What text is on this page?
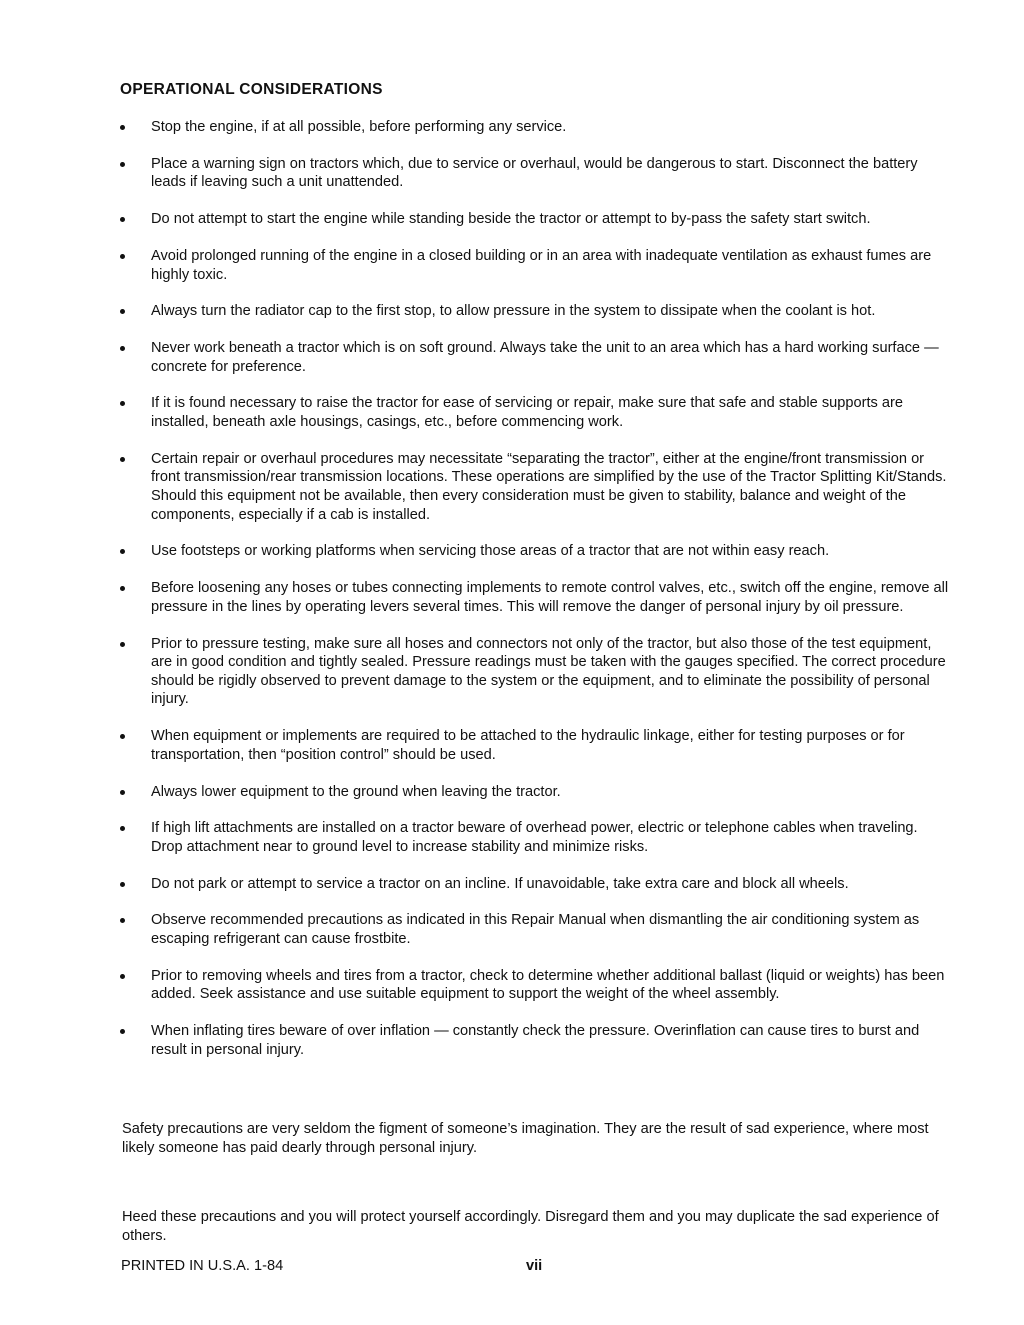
OPERATIONAL CONSIDERATIONS
Stop the engine, if at all possible, before performing any service.
Place a warning sign on tractors which, due to service or overhaul, would be dangerous to start. Disconnect the battery leads if leaving such a unit unattended.
Do not attempt to start the engine while standing beside the tractor or attempt to by-pass the safety start switch.
Avoid prolonged running of the engine in a closed building or in an area with inadequate ventilation as exhaust fumes are highly toxic.
Always turn the radiator cap to the first stop, to allow pressure in the system to dissipate when the coolant is hot.
Never work beneath a tractor which is on soft ground. Always take the unit to an area which has a hard working surface — concrete for preference.
If it is found necessary to raise the tractor for ease of servicing or repair, make sure that safe and stable supports are installed, beneath axle housings, casings, etc., before commencing work.
Certain repair or overhaul procedures may necessitate “separating the tractor”, either at the engine/front transmission or front transmission/rear transmission locations. These operations are simplified by the use of the Tractor Splitting Kit/Stands. Should this equipment not be available, then every consideration must be given to stability, balance and weight of the components, especially if a cab is installed.
Use footsteps or working platforms when servicing those areas of a tractor that are not within easy reach.
Before loosening any hoses or tubes connecting implements to remote control valves, etc., switch off the engine, remove all pressure in the lines by operating levers several times. This will remove the danger of personal injury by oil pressure.
Prior to pressure testing, make sure all hoses and connectors not only of the tractor, but also those of the test equipment, are in good condition and tightly sealed. Pressure readings must be taken with the gauges specified. The correct procedure should be rigidly observed to prevent damage to the system or the equipment, and to eliminate the possibility of personal injury.
When equipment or implements are required to be attached to the hydraulic linkage, either for testing purposes or for transportation, then “position control” should be used.
Always lower equipment to the ground when leaving the tractor.
If high lift attachments are installed on a tractor beware of overhead power, electric or telephone cables when traveling. Drop attachment near to ground level to increase stability and minimize risks.
Do not park or attempt to service a tractor on an incline. If unavoidable, take extra care and block all wheels.
Observe recommended precautions as indicated in this Repair Manual when dismantling the air conditioning system as escaping refrigerant can cause frostbite.
Prior to removing wheels and tires from a tractor, check to determine whether additional ballast (liquid or weights) has been added. Seek assistance and use suitable equipment to support the weight of the wheel assembly.
When inflating tires beware of over inflation — constantly check the pressure. Overinflation can cause tires to burst and result in personal injury.

Safety precautions are very seldom the figment of someone’s imagination. They are the result of sad experience, where most likely someone has paid dearly through personal injury.

Heed these precautions and you will protect yourself accordingly. Disregard them and you may duplicate the sad experience of others.

PRINTED IN U.S.A. 1-84	vii
